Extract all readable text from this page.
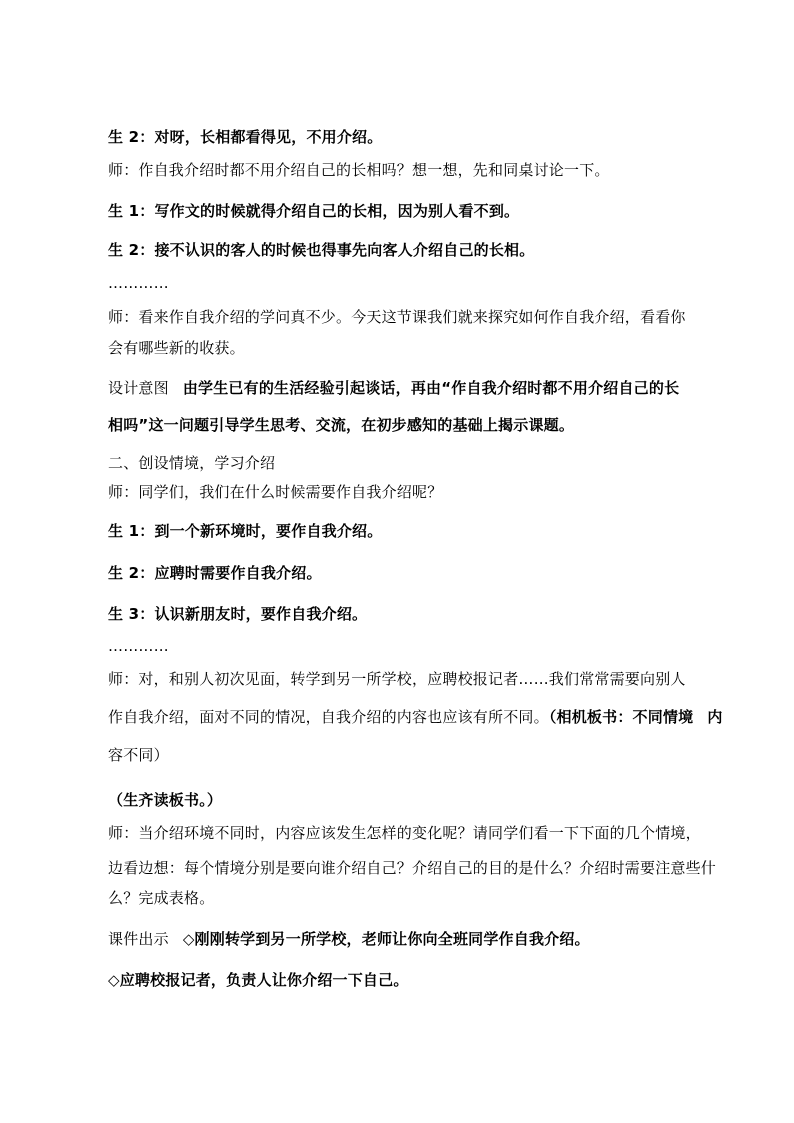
生 2：对呀，长相都看得见，不用介绍。
师：作自我介绍时都不用介绍自己的长相吗？想一想，先和同桌讨论一下。
生 1：写作文的时候就得介绍自己的长相，因为别人看不到。
生 2：接不认识的客人的时候也得事先向客人介绍自己的长相。
…………
师：看来作自我介绍的学问真不少。今天这节课我们就来探究如何作自我介绍，看看你
会有哪些新的收获。
设计意图 由学生已有的生活经验引起谈话，再由“作自我介绍时都不用介绍自己的长
相吗”这一问题引导学生思考、交流，在初步感知的基础上揭示课题。
二、创设情境，学习介绍
师：同学们，我们在什么时候需要作自我介绍呢？
生 1：到一个新环境时，要作自我介绍。
生 2：应聘时需要作自我介绍。
生 3：认识新朋友时，要作自我介绍。
…………
师：对，和别人初次见面，转学到另一所学校，应聘校报记者……我们常常需要向别人
作自我介绍，面对不同的情况，自我介绍的内容也应该有所不同。（相机板书：不同情境 内
容不同）
（生齐读板书。）
师：当介绍环境不同时，内容应该发生怎样的变化呢？请同学们看一下下面的几个情境，
边看边想：每个情境分别是要向谁介绍自己？介绍自己的目的是什么？介绍时需要注意些什
么？完成表格。
课件出示 ◇刚刚转学到另一所学校，老师让你向全班同学作自我介绍。
◇应聘校报记者，负责人让你介绍一下自己。
